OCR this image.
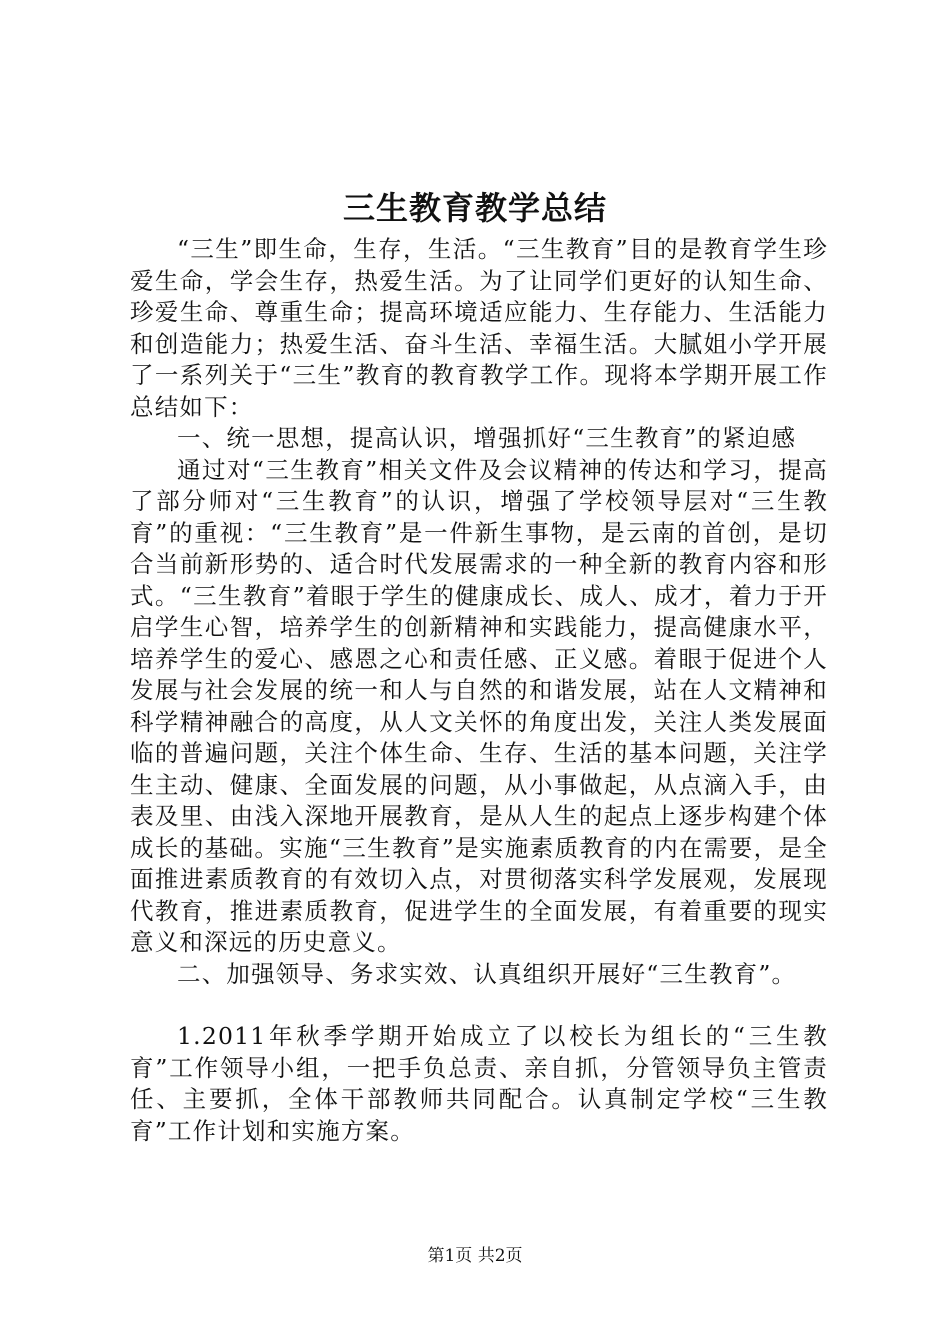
三生教育教学总结

“三生”即生命，生存，生活。“三生教育”目的是教育学生珍爱生命，学会生存，热爱生活。为了让同学们更好的认知生命、珍爱生命、尊重生命；提高环境适应能力、生存能力、生活能力和创造能力；热爱生活、奋斗生活、幸福生活。大腻姐小学开展了一系列关于“三生”教育的教育教学工作。现将本学期开展工作总结如下：

一、统一思想，提高认识，增强抓好“三生教育”的紧迫感

通过对“三生教育”相关文件及会议精神的传达和学习，提高了部分师对“三生教育”的认识，增强了学校领导层对“三生教育”的重视：“三生教育”是一件新生事物，是云南的首创，是切合当前新形势的、适合时代发展需求的一种全新的教育内容和形式。“三生教育”着眼于学生的健康成长、成人、成才，着力于开启学生心智，培养学生的创新精神和实践能力，提高健康水平，培养学生的爱心、感恩之心和责任感、正义感。着眼于促进个人发展与社会发展的统一和人与自然的和谐发展，站在人文精神和科学精神融合的高度，从人文关怀的角度出发，关注人类发展面临的普遍问题，关注个体生命、生存、生活的基本问题，关注学生主动、健康、全面发展的问题，从小事做起，从点滴入手，由表及里、由浅入深地开展教育，是从人生的起点上逐步构建个体成长的基础。实施“三生教育”是实施素质教育的内在需要，是全面推进素质教育的有效切入点，对贯彻落实科学发展观，发展现代教育，推进素质教育，促进学生的全面发展，有着重要的现实意义和深远的历史意义。

二、加强领导、务求实效、认真组织开展好“三生教育”。

1.2011年秋季学期开始成立了以校长为组长的“三生教育”工作领导小组，一把手负总责、亲自抓，分管领导负主管责任、主要抓，全体干部教师共同配合。认真制定学校“三生教育”工作计划和实施方案。

第1页 共2页
